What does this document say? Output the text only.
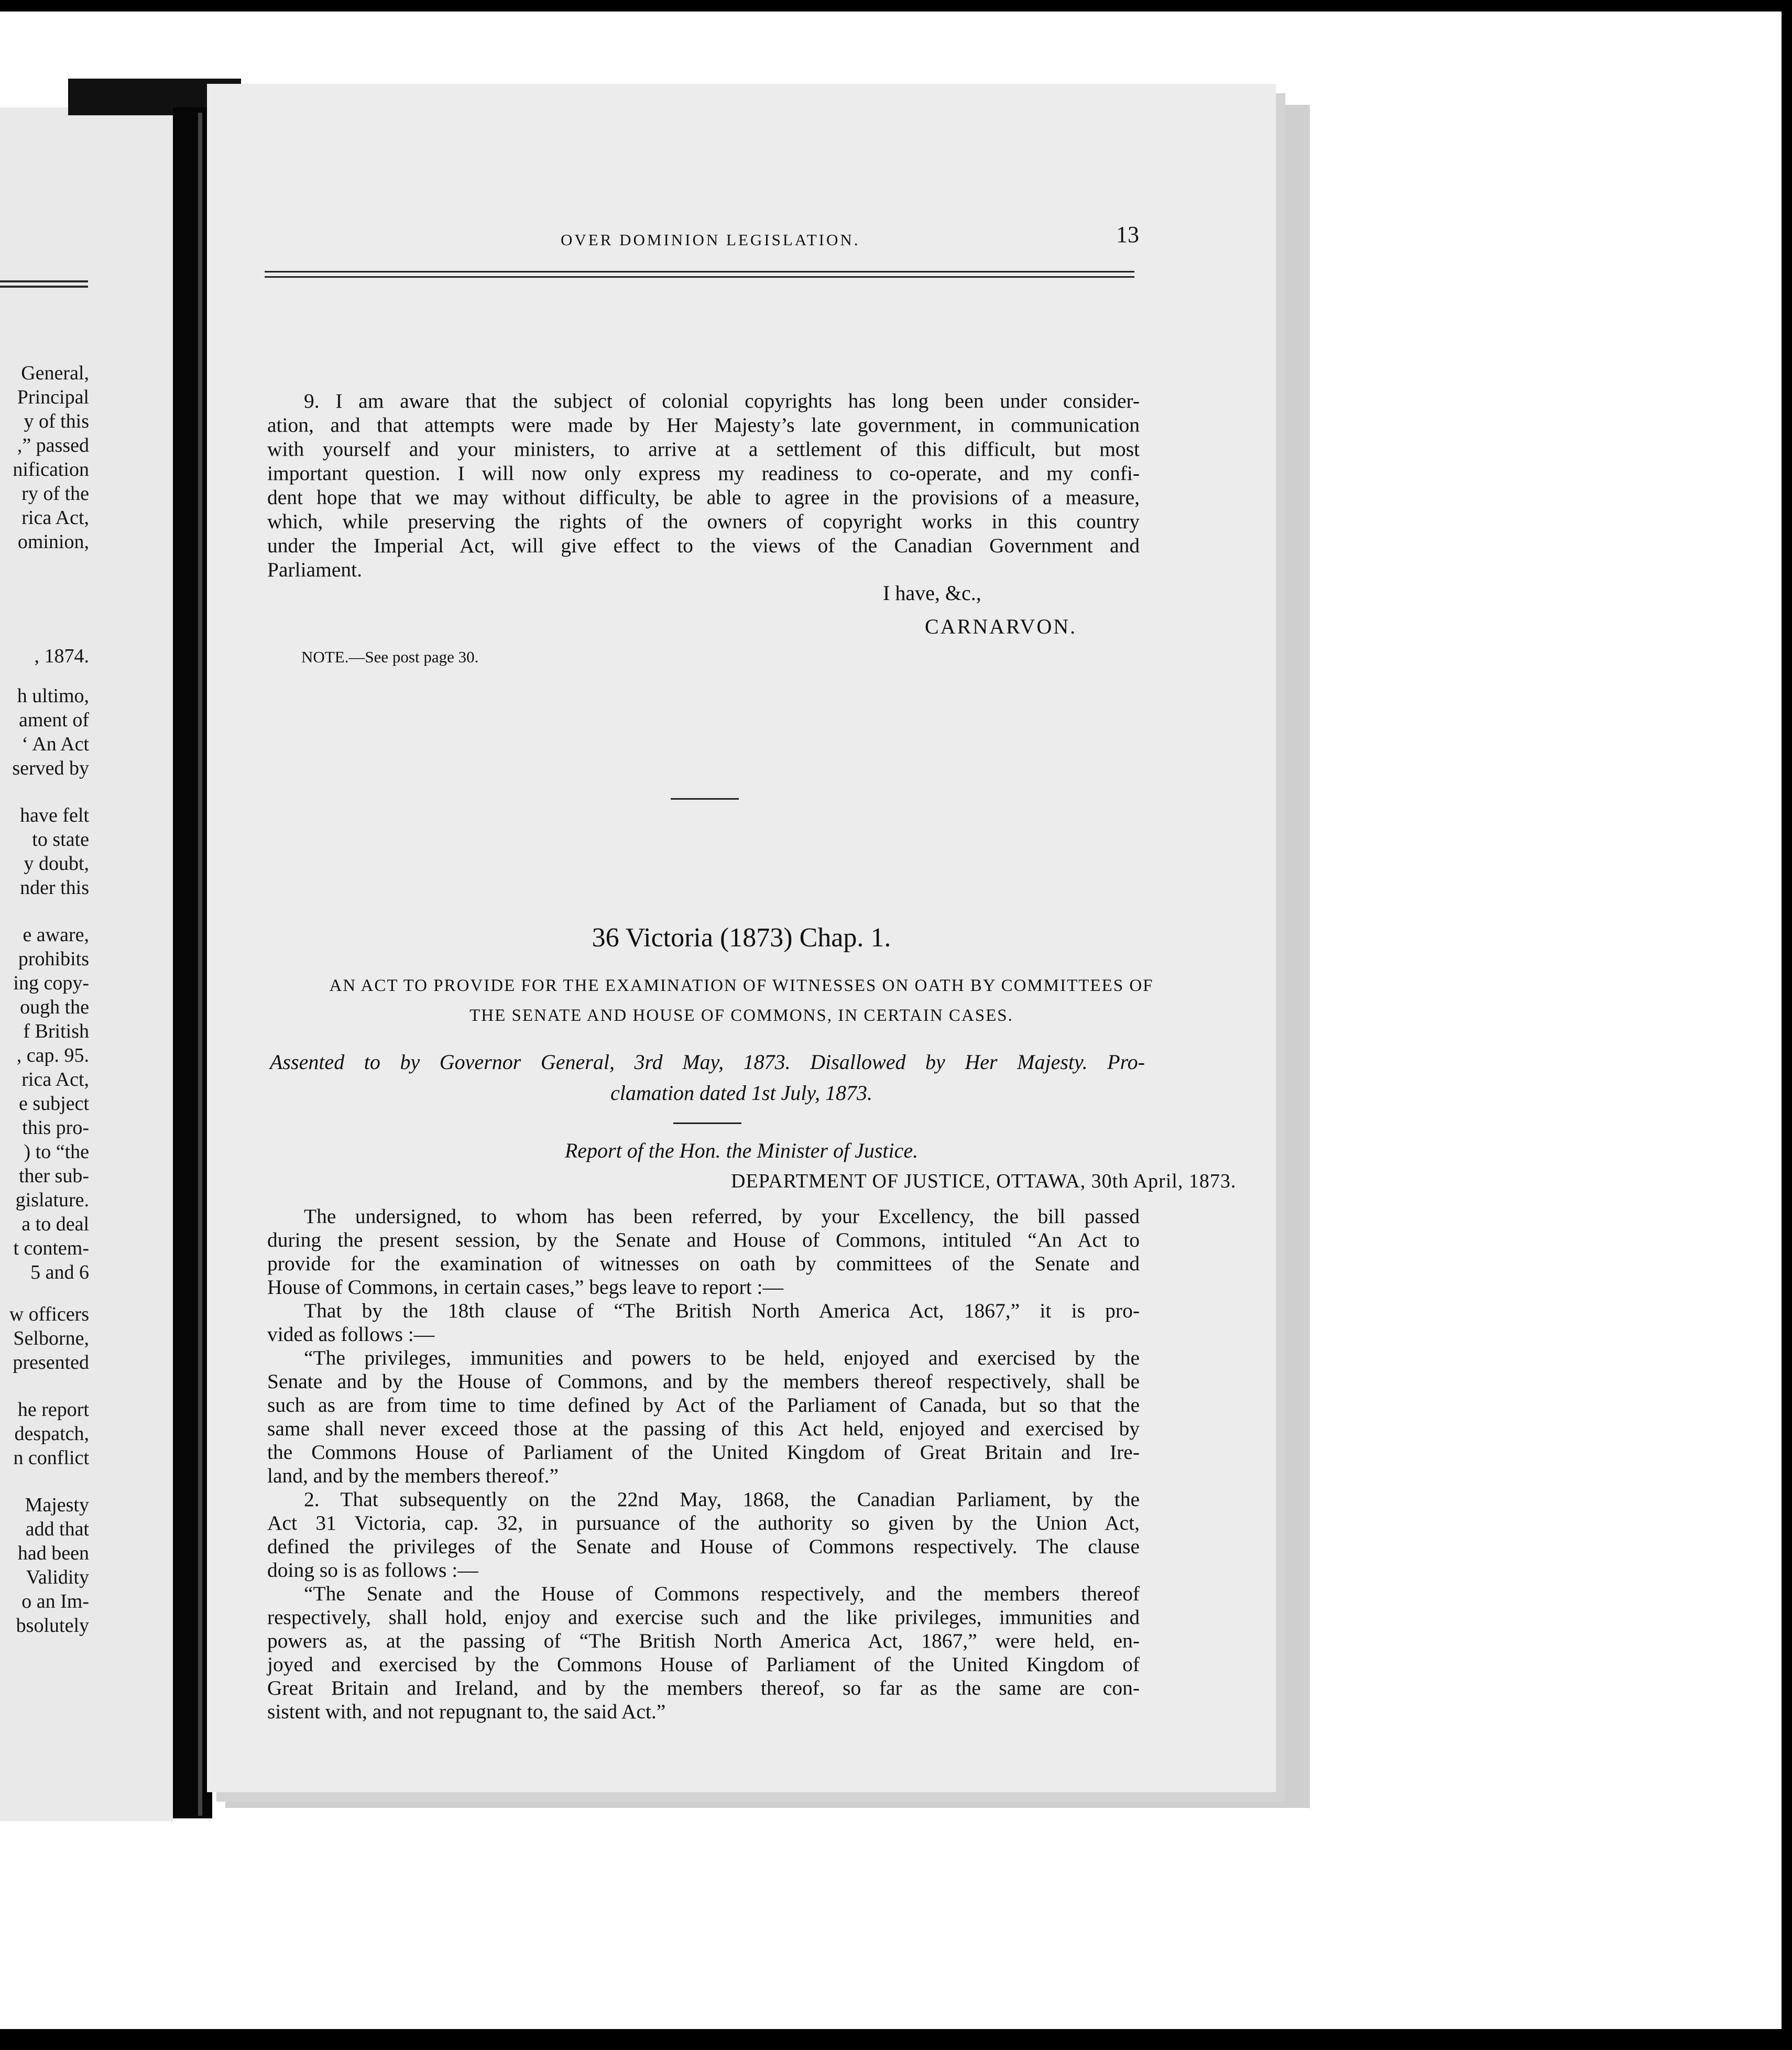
General,
Principal
y of this
,” passed
nification
ry of the
rica Act,
ominion,
, 1874.
h ultimo,
ament of
‘ An Act
served by
have felt
to state
y doubt,
nder this
e aware,
prohibits
ing copy-
ough the
f British
, cap. 95.
rica Act,
e subject
this pro-
) to “the
ther sub-
gislature.
a to deal
t contem-
5 and 6
w officers
Selborne,
presented
he report
despatch,
n conflict
Majesty
add that
had been
Validity
o an Im-
bsolutely
OVER DOMINION LEGISLATION.	13
9. I am aware that the subject of colonial copyrights has long been under consider-
ation, and that attempts were made by Her Majesty’s late government, in communication
with yourself and your ministers, to arrive at a settlement of this difficult, but most
important question. I will now only express my readiness to co-operate, and my confi-
dent hope that we may without difficulty, be able to agree in the provisions of a measure,
which, while preserving the rights of the owners of copyright works in this country
under the Imperial Act, will give effect to the views of the Canadian Government and
Parliament.
I have, &c.,
CARNARVON.
NOTE.—See post page 30.
36 Victoria (1873) Chap. 1.
AN ACT TO PROVIDE FOR THE EXAMINATION OF WITNESSES ON OATH BY COMMITTEES OF
THE SENATE AND HOUSE OF COMMONS, IN CERTAIN CASES.
Assented to by Governor General, 3rd May, 1873. Disallowed by Her Majesty. Pro-
clamation dated 1st July, 1873.
Report of the Hon. the Minister of Justice.
DEPARTMENT OF JUSTICE, OTTAWA, 30th April, 1873.
The undersigned, to whom has been referred, by your Excellency, the bill passed
during the present session, by the Senate and House of Commons, intituled “An Act to
provide for the examination of witnesses on oath by committees of the Senate and
House of Commons, in certain cases,” begs leave to report :—
That by the 18th clause of “The British North America Act, 1867,” it is pro-
vided as follows :—
“The privileges, immunities and powers to be held, enjoyed and exercised by the
Senate and by the House of Commons, and by the members thereof respectively, shall be
such as are from time to time defined by Act of the Parliament of Canada, but so that the
same shall never exceed those at the passing of this Act held, enjoyed and exercised by
the Commons House of Parliament of the United Kingdom of Great Britain and Ire-
land, and by the members thereof.”
2. That subsequently on the 22nd May, 1868, the Canadian Parliament, by the
Act 31 Victoria, cap. 32, in pursuance of the authority so given by the Union Act,
defined the privileges of the Senate and House of Commons respectively. The clause
doing so is as follows :—
“The Senate and the House of Commons respectively, and the members thereof
respectively, shall hold, enjoy and exercise such and the like privileges, immunities and
powers as, at the passing of “The British North America Act, 1867,” were held, en-
joyed and exercised by the Commons House of Parliament of the United Kingdom of
Great Britain and Ireland, and by the members thereof, so far as the same are con-
sistent with, and not repugnant to, the said Act.”
